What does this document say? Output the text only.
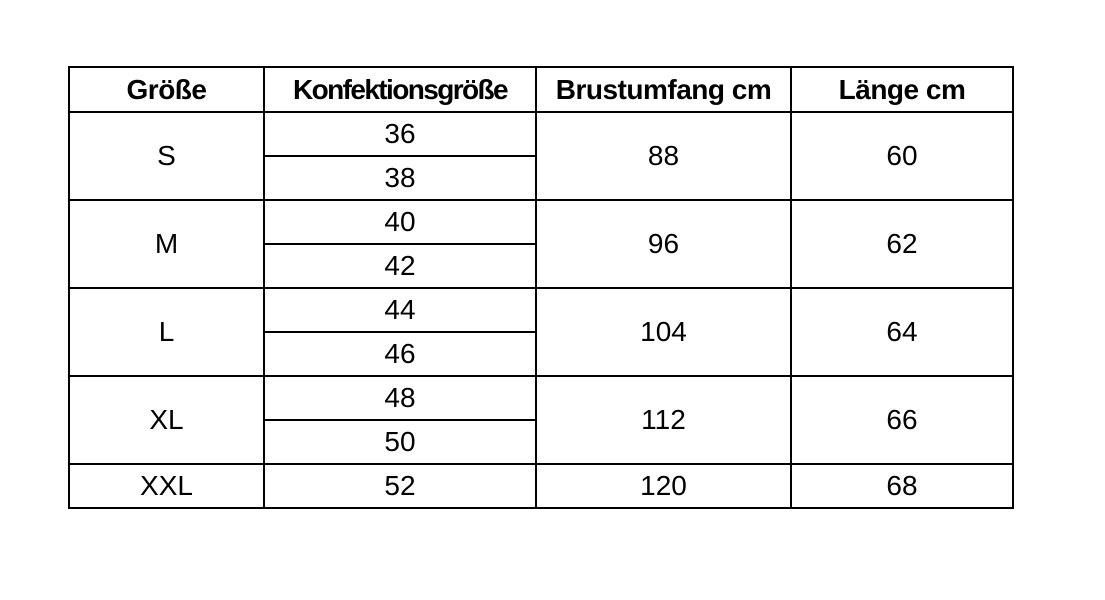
Größe	Konfektionsgröße	Brustumfang cm	Länge cm
S	36	88	60
	38		
M	40	96	62
	42		
L	44	104	64
	46		
XL	48	112	66
	50		
XXL	52	120	68
